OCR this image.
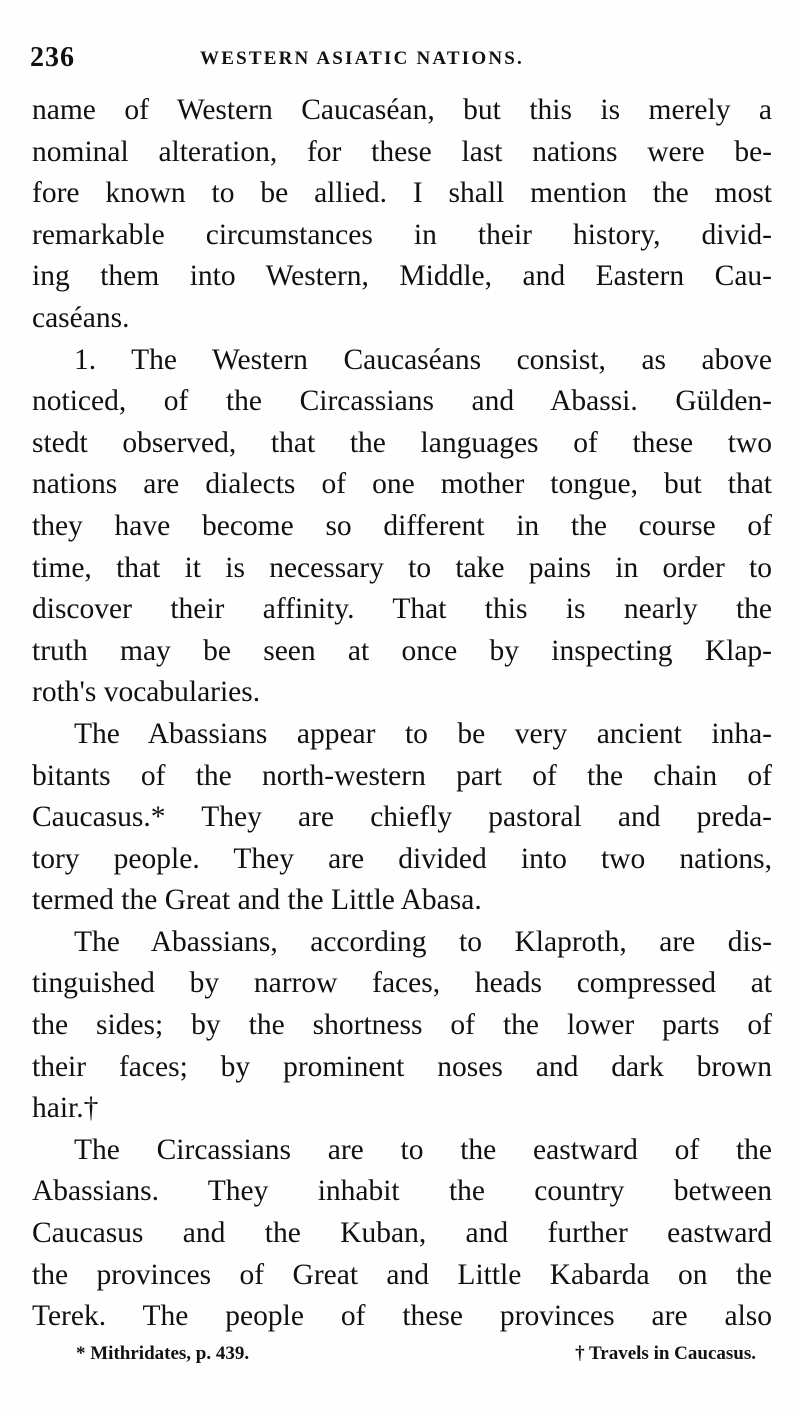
236	WESTERN ASIATIC NATIONS.
name of Western Caucaséan, but this is merely a
nominal alteration, for these last nations were be-
fore known to be allied. I shall mention the most
remarkable circumstances in their history, divid-
ing them into Western, Middle, and Eastern Cau-
caséans.
1. The Western Caucaséans consist, as above
noticed, of the Circassians and Abassi. Gülden-
stedt observed, that the languages of these two
nations are dialects of one mother tongue, but that
they have become so different in the course of
time, that it is necessary to take pains in order to
discover their affinity. That this is nearly the
truth may be seen at once by inspecting Klap-
roth's vocabularies.
The Abassians appear to be very ancient inha-
bitants of the north-western part of the chain of
Caucasus.* They are chiefly pastoral and preda-
tory people. They are divided into two nations,
termed the Great and the Little Abasa.
The Abassians, according to Klaproth, are dis-
tinguished by narrow faces, heads compressed at
the sides; by the shortness of the lower parts of
their faces; by prominent noses and dark brown
hair.†
The Circassians are to the eastward of the
Abassians. They inhabit the country between
Caucasus and the Kuban, and further eastward
the provinces of Great and Little Kabarda on the
Terek. The people of these provinces are also
* Mithridates, p. 439.	† Travels in Caucasus.
